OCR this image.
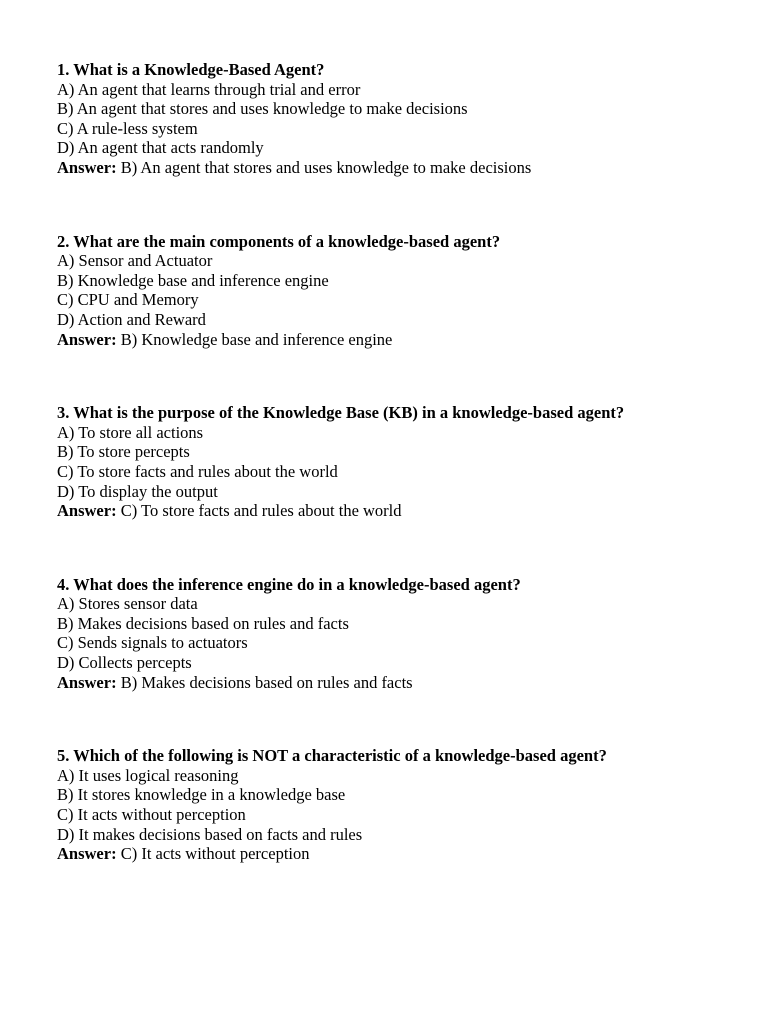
1. What is a Knowledge-Based Agent?
A) An agent that learns through trial and error
B) An agent that stores and uses knowledge to make decisions
C) A rule-less system
D) An agent that acts randomly
Answer: B) An agent that stores and uses knowledge to make decisions
2. What are the main components of a knowledge-based agent?
A) Sensor and Actuator
B) Knowledge base and inference engine
C) CPU and Memory
D) Action and Reward
Answer: B) Knowledge base and inference engine
3. What is the purpose of the Knowledge Base (KB) in a knowledge-based agent?
A) To store all actions
B) To store percepts
C) To store facts and rules about the world
D) To display the output
Answer: C) To store facts and rules about the world
4. What does the inference engine do in a knowledge-based agent?
A) Stores sensor data
B) Makes decisions based on rules and facts
C) Sends signals to actuators
D) Collects percepts
Answer: B) Makes decisions based on rules and facts
5. Which of the following is NOT a characteristic of a knowledge-based agent?
A) It uses logical reasoning
B) It stores knowledge in a knowledge base
C) It acts without perception
D) It makes decisions based on facts and rules
Answer: C) It acts without perception
